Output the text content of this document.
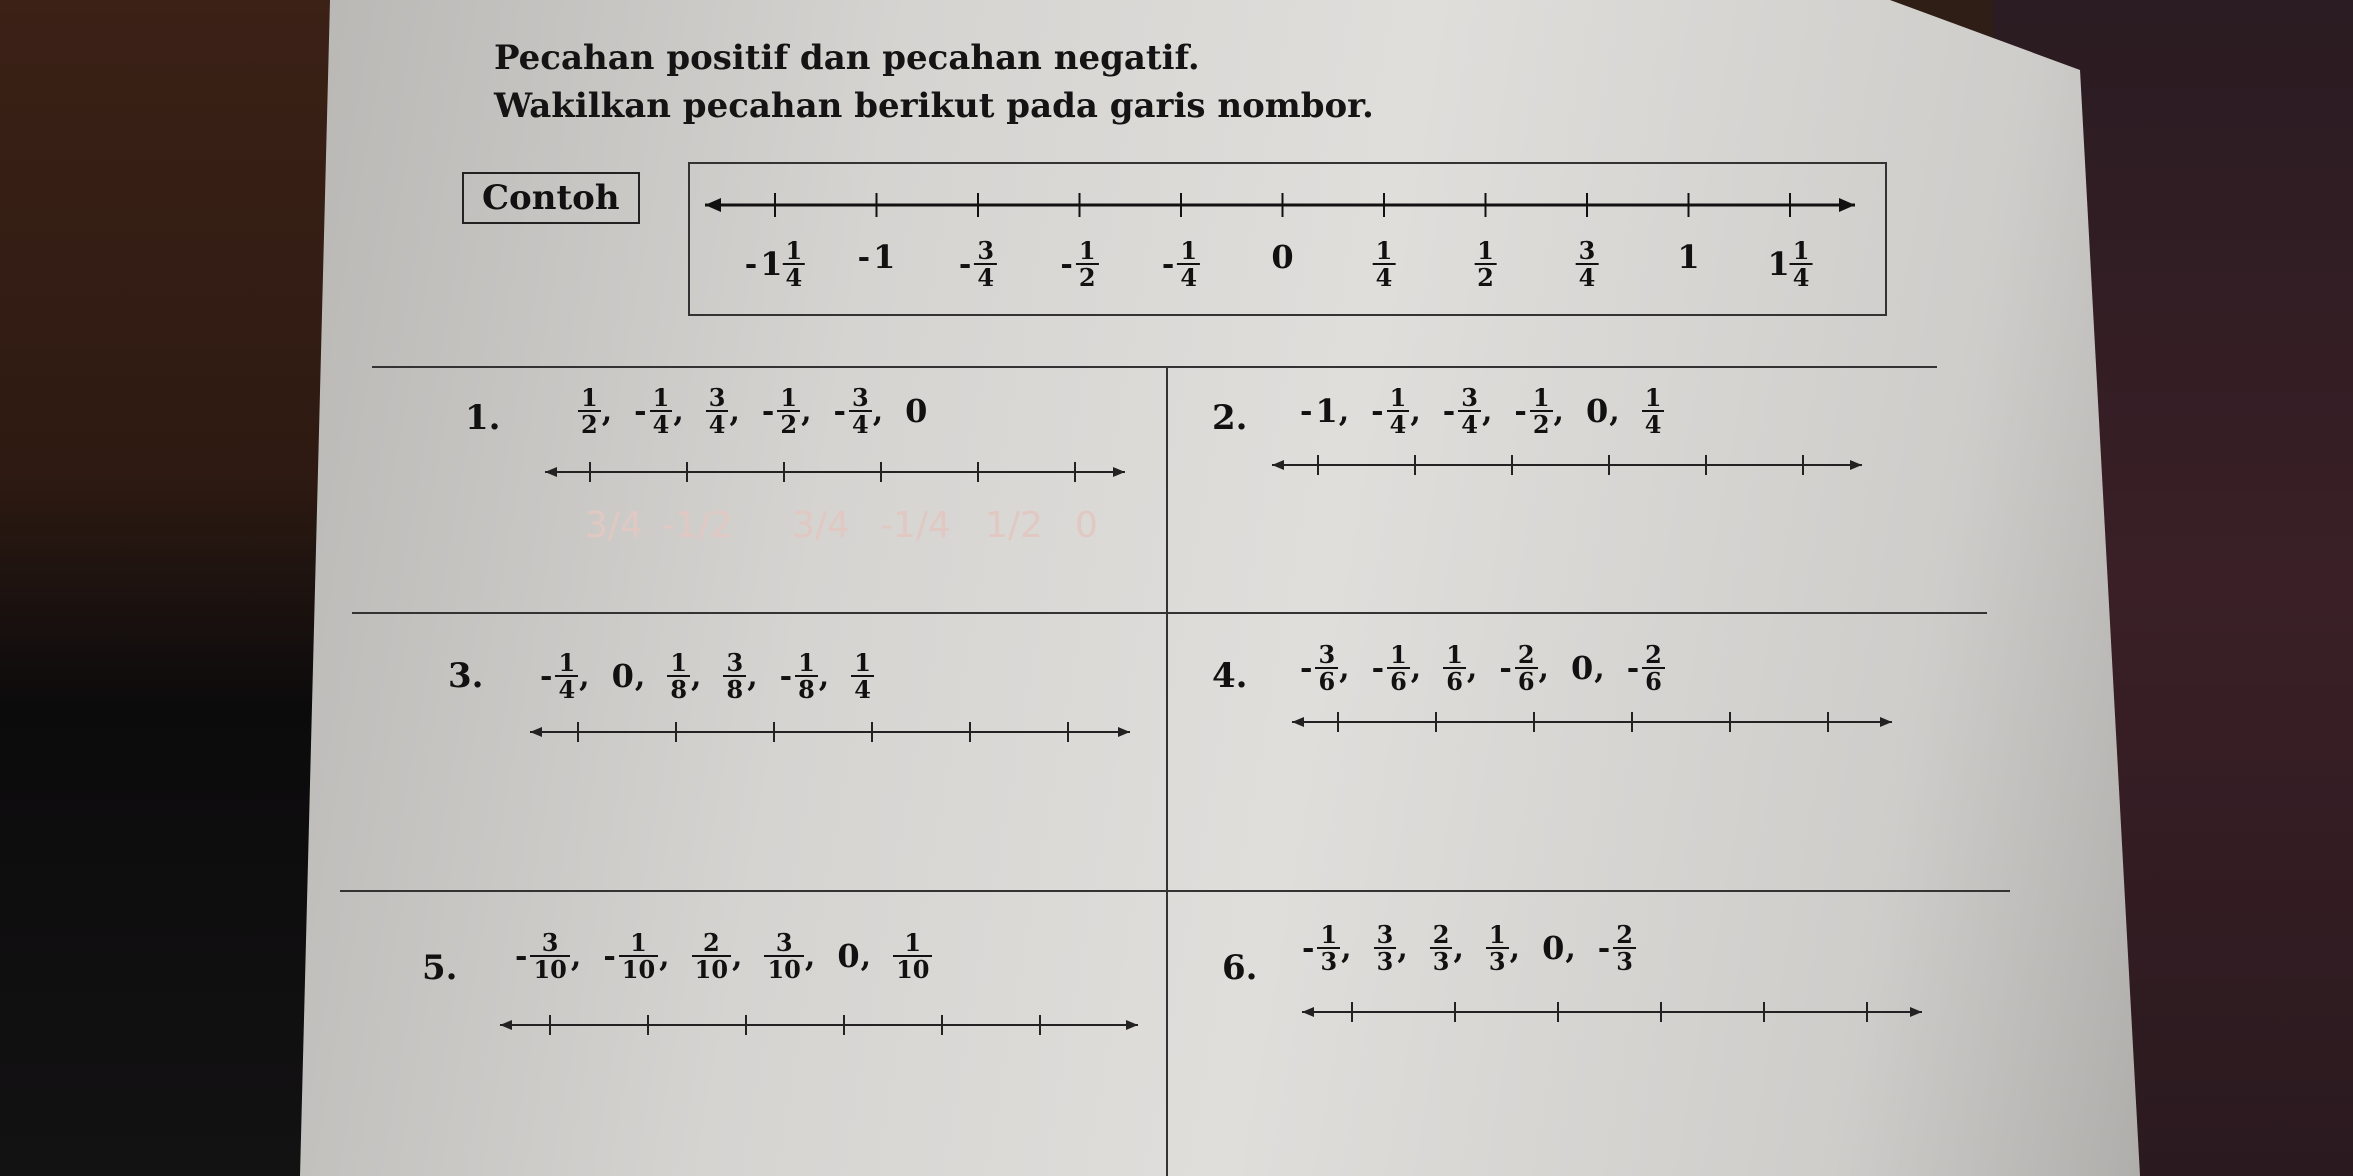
Pecahan positif dan pecahan negatif.
Wakilkan pecahan berikut pada garis nombor.
Contoh
- $1 \frac{1}{4} - 1 - \frac{3}{4} - \frac{1}{2} - \frac{1}{4} 0$	$\frac{1}{4}$	$\frac{1}{2}$	$\frac{3}{4} 1$ $1 \frac{1}{4}$
1.	$\frac{1}{2}$ , - $\frac{1}{4}$ , $\frac{3}{4}$ , - $\frac{1}{2}$ , - $\frac{3}{4}$ , 0	2. - 1 , - $\frac{1}{4}$ , - $\frac{3}{4}$ , - $\frac{1}{2}$ , 0 , $\frac{1}{4}$
3. - $\frac{1}{4}$ , 0 , $\frac{1}{8}$ , $\frac{3}{8}$ , - $\frac{1}{8}$ , $\frac{1}{4}$	4. - $\frac{3}{6}$ , - $\frac{1}{6}$ , $\frac{1}{6}$ , - $\frac{2}{6}$ , 0 , - $\frac{2}{6}$
5. - $\frac{3}{10}$ , - $\frac{1}{10}$ , $\frac{2}{10}$ , $\frac{3}{10}$ , 0 , $\frac{1}{10}$	6. - $\frac{1}{3}$ , $\frac{3}{3}$ , $\frac{2}{3}$ , $\frac{1}{3}$ , 0 , - $\frac{2}{3}$
3/4 -1/2 3/4 -1/4 1/2 0
